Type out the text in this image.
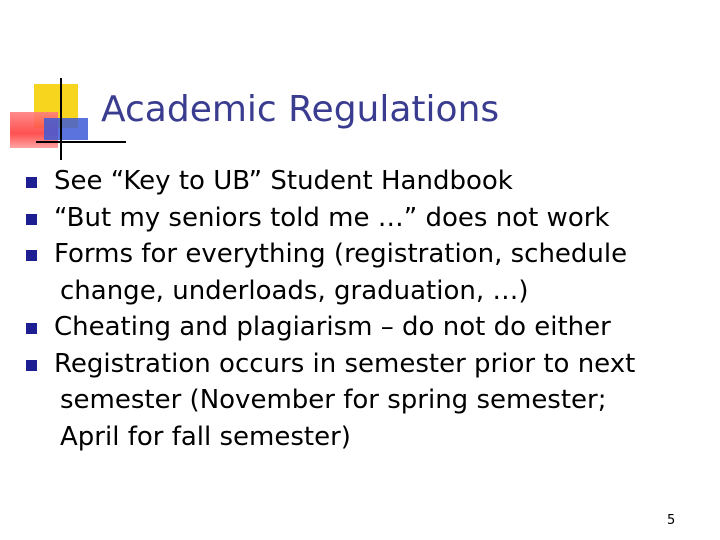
Academic Regulations
See “Key to UB” Student Handbook
“But my seniors told me …” does not work
Forms for everything (registration, schedule
change, underloads, graduation, …)
Cheating and plagiarism – do not do either
Registration occurs in semester prior to next
semester (November for spring semester;
April for fall semester)
5
